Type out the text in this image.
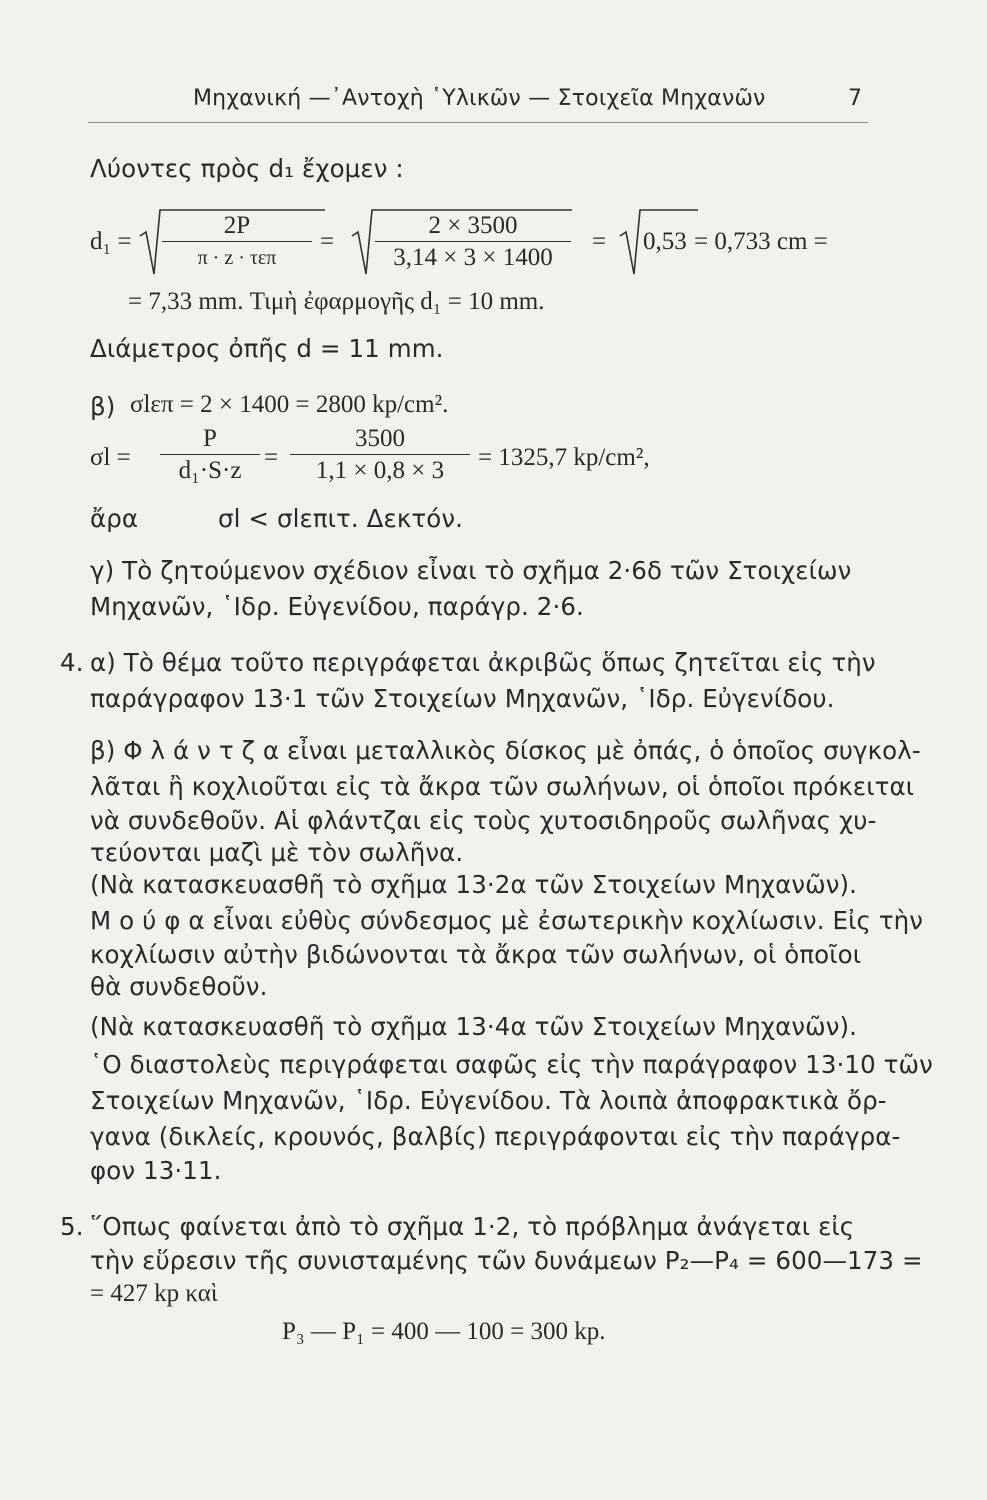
Μηχανική —᾽Αντοχὴ ῾Υλικῶν — Στοιχεῖα Μηχανῶν	7
Λύοντες πρὸς d₁ ἔχομεν :
d₁ =
2P
π · z · τεπ
=
2 × 3500
3,14 × 3 × 1400
= 0,53 = 0,733 cm =
= 7,33 mm. Τιμὴ ἐφαρμογῆς d₁ = 10 mm.
Διάμετρος ὀπῆς d = 11 mm.
β) σlεπ = 2 × 1400 = 2800 kp/cm².
σl =
P
d₁·S·z =
3500
1,1 × 0,8 × 3	= 1325,7 kp/cm²,
ἄρα	σl < σlεπιτ. Δεκτόν.
γ) Τὸ ζητούμενον σχέδιον εἶναι τὸ σχῆμα 2·6δ τῶν Στοιχείων
Μηχανῶν, ῾Ιδρ. Εὐγενίδου, παράγρ. 2·6.
4. α) Τὸ θέμα τοῦτο περιγράφεται ἀκριβῶς ὅπως ζητεῖται εἰς τὴν
παράγραφον 13·1 τῶν Στοιχείων Μηχανῶν, ῾Ιδρ. Εὐγενίδου.
β) Φ λ ά ν τ ζ α εἶναι μεταλλικὸς δίσκος μὲ ὀπάς, ὁ ὁποῖος συγκολ-
λᾶται ἢ κοχλιοῦται εἰς τὰ ἄκρα τῶν σωλήνων, οἱ ὁποῖοι πρόκειται
νὰ συνδεθοῦν. Αἱ φλάντζαι εἰς τοὺς χυτοσιδηροῦς σωλῆνας χυ-
τεύονται μαζὶ μὲ τὸν σωλῆνα.
(Νὰ κατασκευασθῆ τὸ σχῆμα 13·2α τῶν Στοιχείων Μηχανῶν).
Μ ο ύ φ α εἶναι εὐθὺς σύνδεσμος μὲ ἐσωτερικὴν κοχλίωσιν. Εἰς τὴν
κοχλίωσιν αὐτὴν βιδώνονται τὰ ἄκρα τῶν σωλήνων, οἱ ὁποῖοι
θὰ συνδεθοῦν.
(Νὰ κατασκευασθῆ τὸ σχῆμα 13·4α τῶν Στοιχείων Μηχανῶν).
῾Ο διαστολεὺς περιγράφεται σαφῶς εἰς τὴν παράγραφον 13·10 τῶν
Στοιχείων Μηχανῶν, ῾Ιδρ. Εὐγενίδου. Τὰ λοιπὰ ἀποφρακτικὰ ὄρ-
γανα (δικλείς, κρουνός, βαλβίς) περιγράφονται εἰς τὴν παράγρα-
φον 13·11.
5. ῞Οπως φαίνεται ἀπὸ τὸ σχῆμα 1·2, τὸ πρόβλημα ἀνάγεται εἰς
τὴν εὕρεσιν τῆς συνισταμένης τῶν δυνάμεων P₂—P₄ = 600—173 =
= 427 kp καὶ
P₃ — P₁ = 400 — 100 = 300 kp.
